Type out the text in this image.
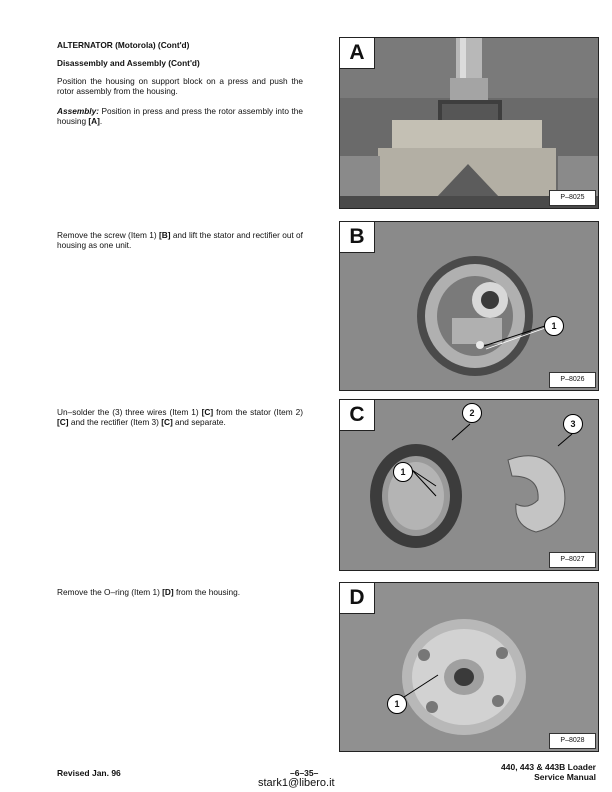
ALTERNATOR (Motorola) (Cont'd)
Disassembly and Assembly (Cont'd)
Position the housing on support block on a press and push the rotor assembly from the housing.
Assembly: Position in press and press the rotor assembly into the housing [A].
Remove the screw (Item 1) [B] and lift the stator and rectifier out of housing as one unit.
Un–solder the (3) three wires (Item 1) [C] from the stator (Item 2) [C] and the rectifier (Item 3) [C] and separate.
Remove the O–ring (Item 1) [D] from the housing.
A
P–8025
B
1
P–8026
C
1
2
3
P–8027
D
1
P–8028
Revised Jan. 96	–6–35–
stark1@libero.it
440, 443 & 443B Loader
Service Manual
